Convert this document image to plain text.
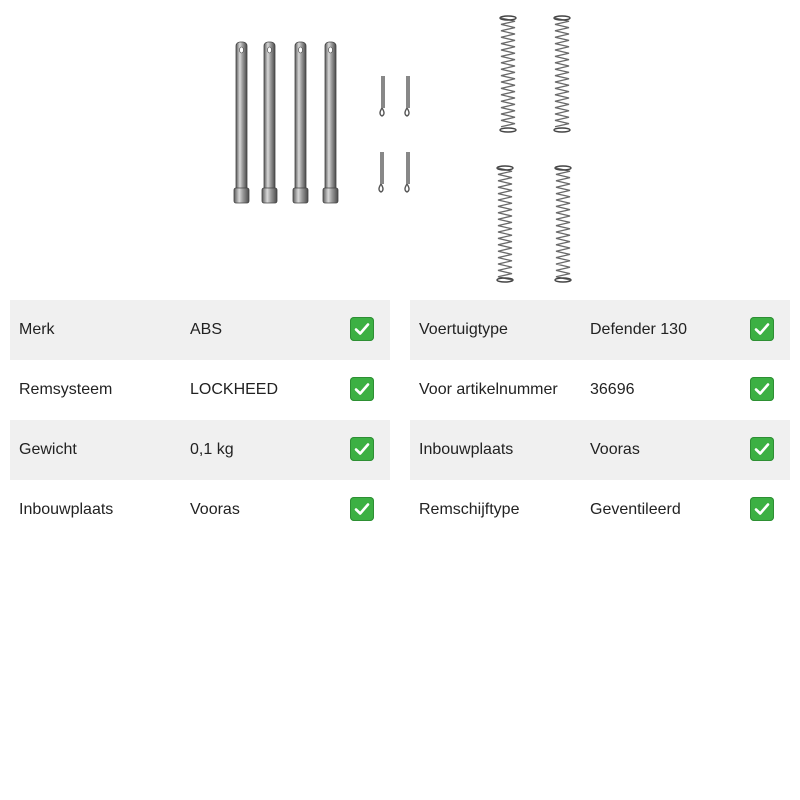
Merk	ABS
Remsysteem	LOCKHEED
Gewicht	0,1 kg
Inbouwplaats	Vooras
Voertuigtype	Defender 130
Voor artikelnummer 36696
Inbouwplaats	Vooras
Remschijftype	Geventileerd
